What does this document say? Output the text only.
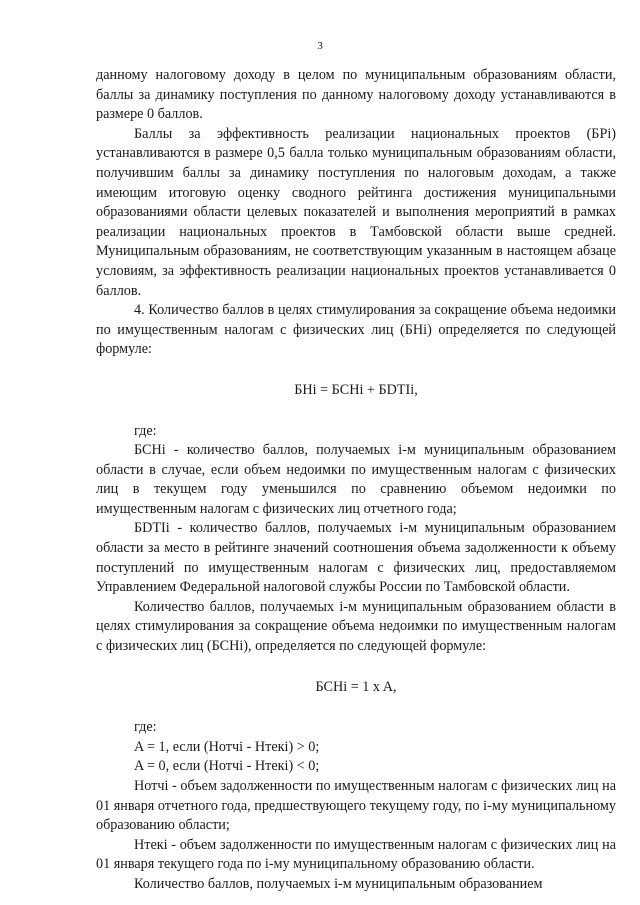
3

данному налоговому доходу в целом по муниципальным образованиям области, баллы за динамику поступления по данному налоговому доходу устанавливаются в размере 0 баллов.

Баллы за эффективность реализации национальных проектов (БРi) устанавливаются в размере 0,5 балла только муниципальным образованиям области, получившим баллы за динамику поступления по налоговым доходам, а также имеющим итоговую оценку сводного рейтинга достижения муниципальными образованиями области целевых показателей и выполнения мероприятий в рамках реализации национальных проектов в Тамбовской области выше средней. Муниципальным образованиям, не соответствующим указанным в настоящем абзаце условиям, за эффективность реализации национальных проектов устанавливается 0 баллов.

4. Количество баллов в целях стимулирования за сокращение объема недоимки по имущественным налогам с физических лиц (БНi) определяется по следующей формуле:

БНi = БСНi + БDТIi,

где:

БСНi - количество баллов, получаемых i-м муниципальным образованием области в случае, если объем недоимки по имущественным налогам с физических лиц в текущем году уменьшился по сравнению объемом недоимки по имущественным налогам с физических лиц отчетного года;

БDТIi - количество баллов, получаемых i-м муниципальным образованием области за место в рейтинге значений соотношения объема задолженности к объему поступлений по имущественным налогам с физических лиц, предоставляемом Управлением Федеральной налоговой службы России по Тамбовской области.

Количество баллов, получаемых i-м муниципальным образованием области в целях стимулирования за сокращение объема недоимки по имущественным налогам с физических лиц (БСНi), определяется по следующей формуле:

БСНi = 1 x A,

где:

A = 1, если (Нотчi - Нтекi) > 0;

A = 0, если (Нотчi - Нтекi) < 0;

Нотчi - объем задолженности по имущественным налогам с физических лиц на 01 января отчетного года, предшествующего текущему году, по i-му муниципальному образованию области;

Нтекi - объем задолженности по имущественным налогам с физических лиц на 01 января текущего года по i-му муниципальному образованию области.

Количество баллов, получаемых i-м муниципальным образованием
